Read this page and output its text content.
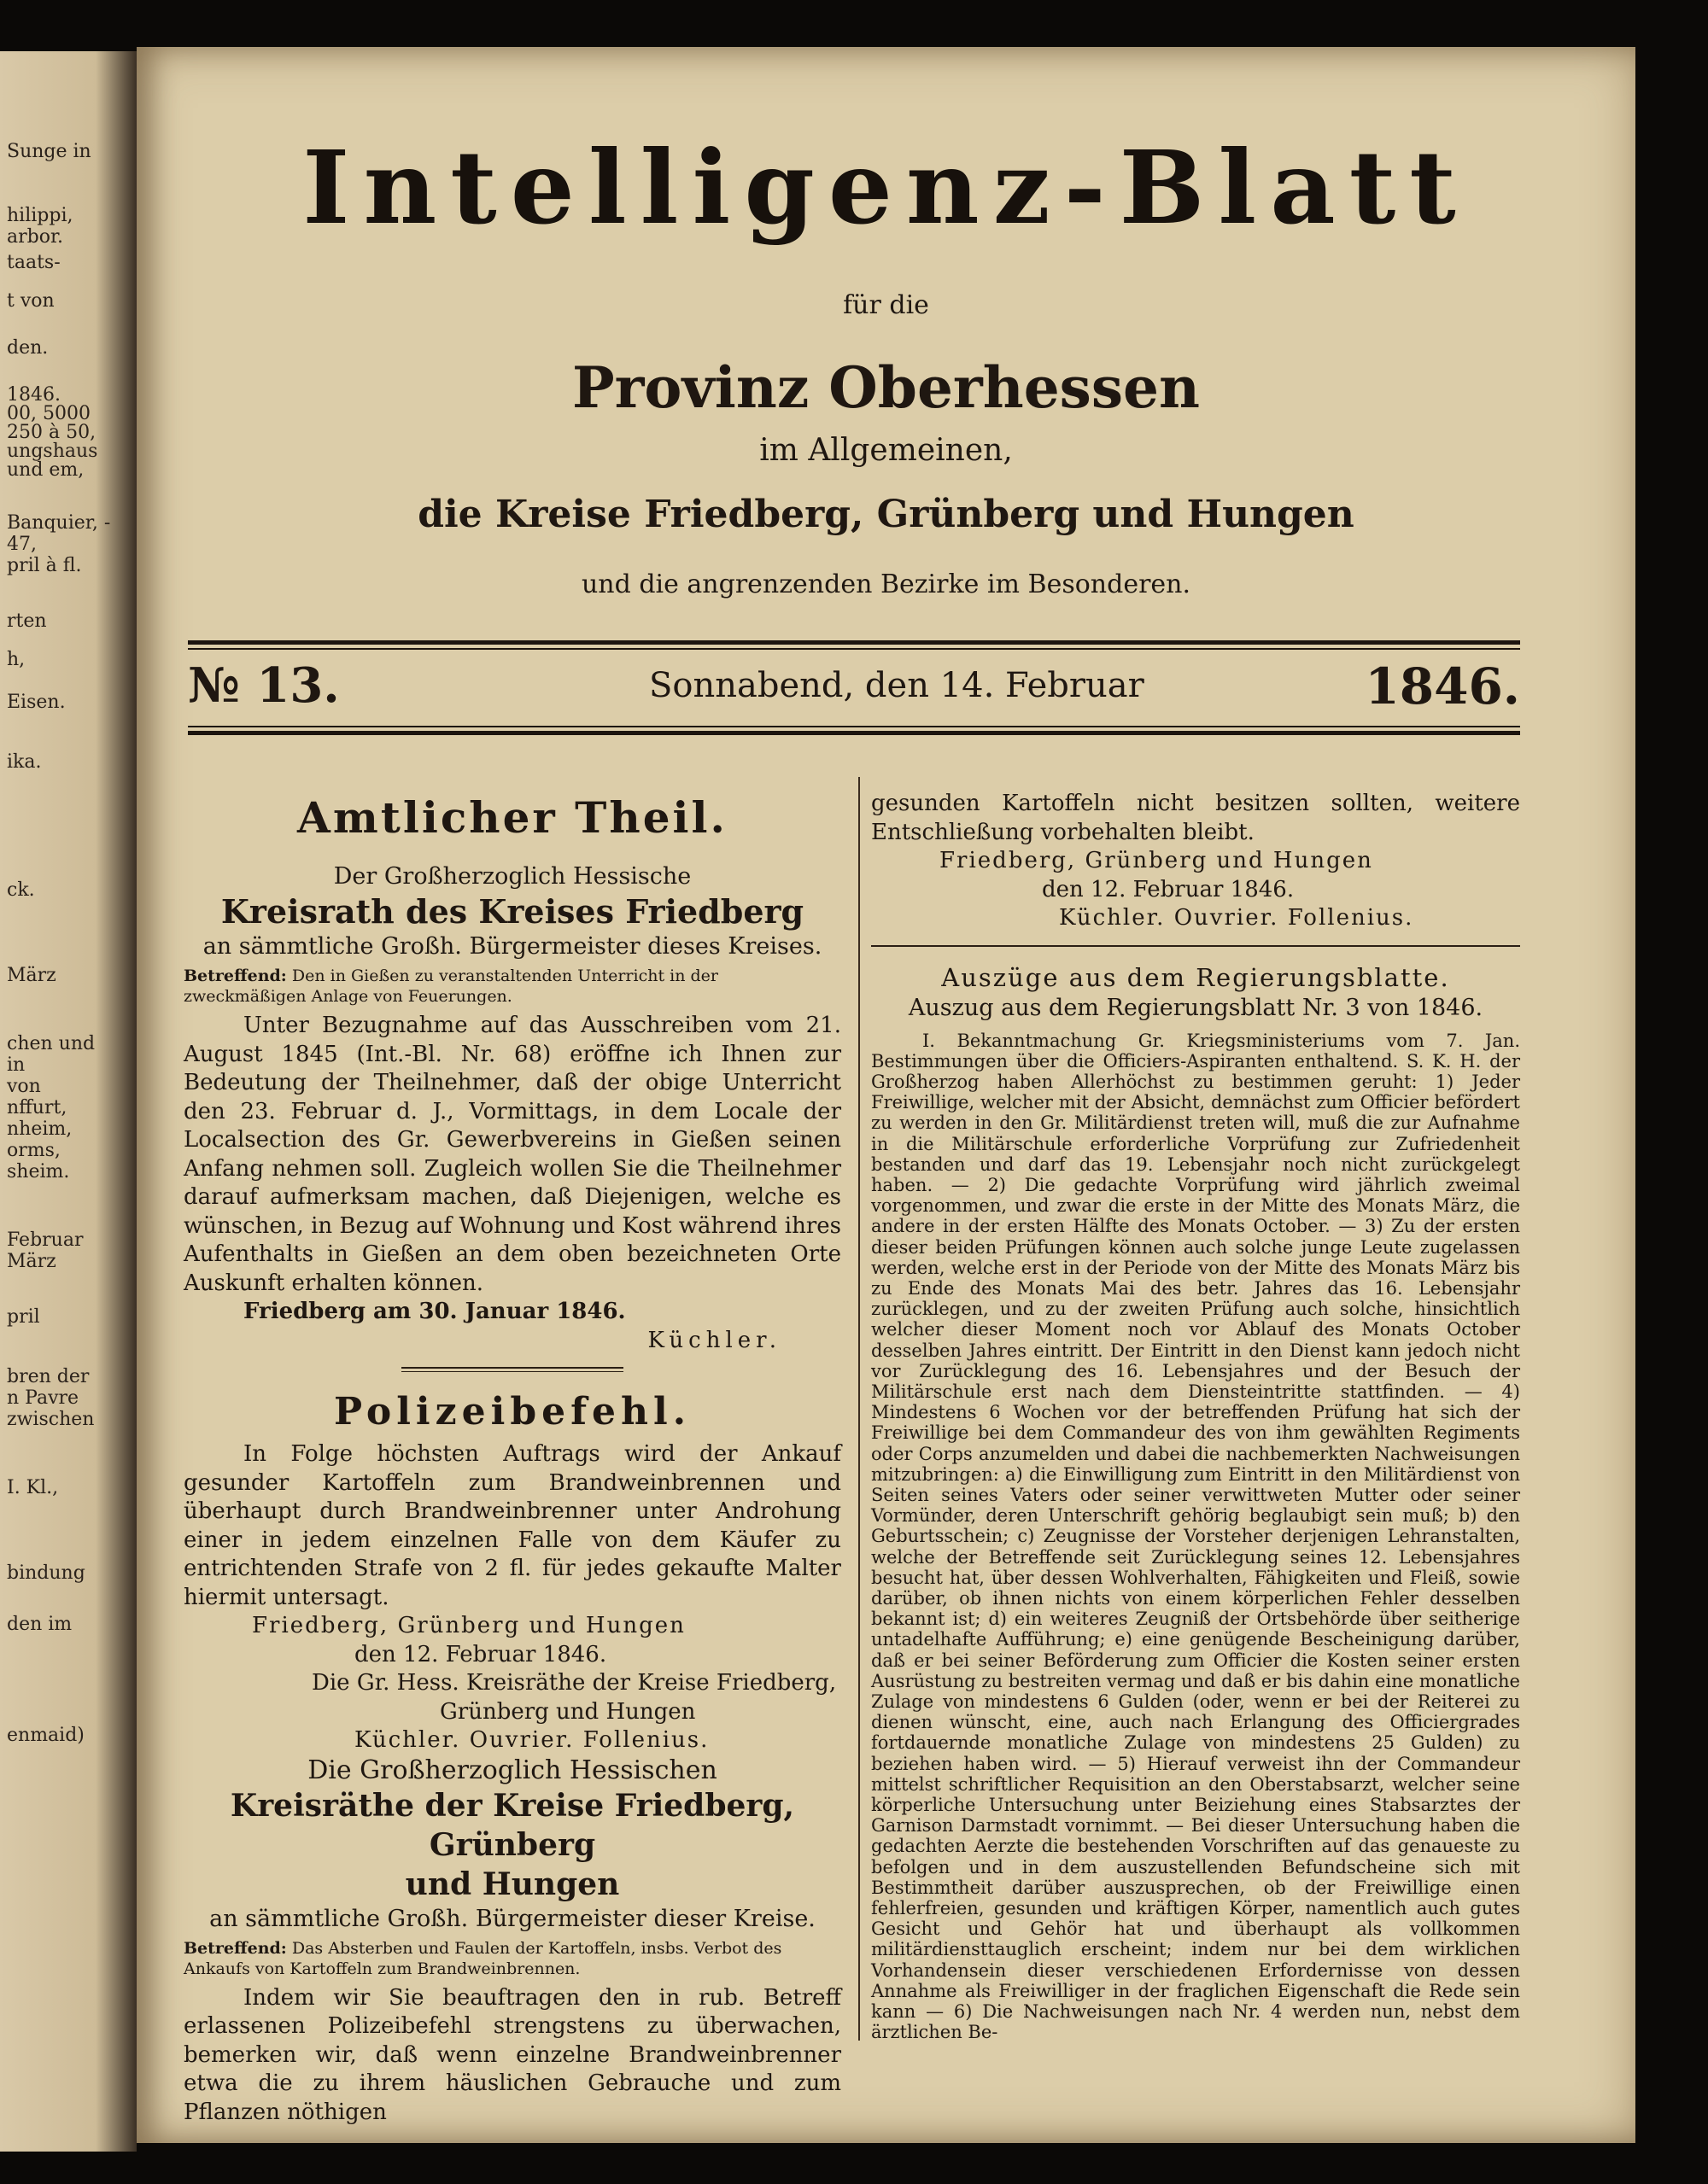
Sunge in
hilippi,
arbor.
taats-
t von
den.
1846.
00, 5000
250 à 50,
ungshaus
und em,
Banquier, -
47,
pril à fl.
rten
h,
Eisen.
ika.
ck.
März
chen und
in
von
nffurt,
nheim,
orms,
sheim.
Februar
März
pril
bren der
n Pavre
zwischen
I. Kl.,
bindung
den im
enmaid)
Intelligenz-Blatt
für die
Provinz Oberhessen
im Allgemeinen,
die Kreise Friedberg, Grünberg und Hungen
und die angrenzenden Bezirke im Besonderen.
№ 13.	Sonnabend, den 14. Februar	1846.

Amtlicher Theil.

Der Großherzoglich Hessische

Kreisrath des Kreises Friedberg

an sämmtliche Großh. Bürgermeister dieses Kreises.

Betreffend: Den in Gießen zu veranstaltenden Unterricht in der zweckmäßigen Anlage von Feuerungen.

Unter Bezugnahme auf das Ausschreiben vom 21. August 1845 (Int.-Bl. Nr. 68) eröffne ich Ihnen zur Bedeutung der Theilnehmer, daß der obige Unterricht den 23. Februar d. J., Vormittags, in dem Locale der Localsection des Gr. Gewerbvereins in Gießen seinen Anfang nehmen soll. Zugleich wollen Sie die Theilnehmer darauf aufmerksam machen, daß Diejenigen, welche es wünschen, in Bezug auf Wohnung und Kost während ihres Aufenthalts in Gießen an dem oben bezeichneten Orte Auskunft erhalten können.

Friedberg am 30. Januar 1846.

Küchler.

Polizeibefehl.

In Folge höchsten Auftrags wird der Ankauf gesunder Kartoffeln zum Brandweinbrennen und überhaupt durch Brandweinbrenner unter Androhung einer in jedem einzelnen Falle von dem Käufer zu entrichtenden Strafe von 2 fl. für jedes gekaufte Malter hiermit untersagt.

Friedberg, Grünberg und Hungen

den 12. Februar 1846.

Die Gr. Hess. Kreisräthe der Kreise Friedberg,

Grünberg und Hungen

Küchler. Ouvrier. Follenius.

Die Großherzoglich Hessischen

Kreisräthe der Kreise Friedberg, Grünberg

und Hungen

an sämmtliche Großh. Bürgermeister dieser Kreise.

Betreffend: Das Absterben und Faulen der Kartoffeln, insbs. Verbot des Ankaufs von Kartoffeln zum Brandweinbrennen.

Indem wir Sie beauftragen den in rub. Betreff erlassenen Polizeibefehl strengstens zu überwachen, bemerken wir, daß wenn einzelne Brandweinbrenner etwa die zu ihrem häuslichen Gebrauche und zum Pflanzen nöthigen

gesunden Kartoffeln nicht besitzen sollten, weitere Entschließung vorbehalten bleibt.

Friedberg, Grünberg und Hungen

den 12. Februar 1846.

Küchler. Ouvrier. Follenius.

Auszüge aus dem Regierungsblatte.

Auszug aus dem Regierungsblatt Nr. 3 von 1846.

I. Bekanntmachung Gr. Kriegsministeriums vom 7. Jan. Bestimmungen über die Officiers-Aspiranten enthaltend. S. K. H. der Großherzog haben Allerhöchst zu bestimmen geruht: 1) Jeder Freiwillige, welcher mit der Absicht, demnächst zum Officier befördert zu werden in den Gr. Militärdienst treten will, muß die zur Aufnahme in die Militärschule erforderliche Vorprüfung zur Zufriedenheit bestanden und darf das 19. Lebensjahr noch nicht zurückgelegt haben. — 2) Die gedachte Vorprüfung wird jährlich zweimal vorgenommen, und zwar die erste in der Mitte des Monats März, die andere in der ersten Hälfte des Monats October. — 3) Zu der ersten dieser beiden Prüfungen können auch solche junge Leute zugelassen werden, welche erst in der Periode von der Mitte des Monats März bis zu Ende des Monats Mai des betr. Jahres das 16. Lebensjahr zurücklegen, und zu der zweiten Prüfung auch solche, hinsichtlich welcher dieser Moment noch vor Ablauf des Monats October desselben Jahres eintritt. Der Eintritt in den Dienst kann jedoch nicht vor Zurücklegung des 16. Lebensjahres und der Besuch der Militärschule erst nach dem Diensteintritte stattfinden. — 4) Mindestens 6 Wochen vor der betreffenden Prüfung hat sich der Freiwillige bei dem Commandeur des von ihm gewählten Regiments oder Corps anzumelden und dabei die nachbemerkten Nachweisungen mitzubringen: a) die Einwilligung zum Eintritt in den Militärdienst von Seiten seines Vaters oder seiner verwittweten Mutter oder seiner Vormünder, deren Unterschrift gehörig beglaubigt sein muß; b) den Geburtsschein; c) Zeugnisse der Vorsteher derjenigen Lehranstalten, welche der Betreffende seit Zurücklegung seines 12. Lebensjahres besucht hat, über dessen Wohlverhalten, Fähigkeiten und Fleiß, sowie darüber, ob ihnen nichts von einem körperlichen Fehler desselben bekannt ist; d) ein weiteres Zeugniß der Ortsbehörde über seitherige untadelhafte Aufführung; e) eine genügende Bescheinigung darüber, daß er bei seiner Beförderung zum Officier die Kosten seiner ersten Ausrüstung zu bestreiten vermag und daß er bis dahin eine monatliche Zulage von mindestens 6 Gulden (oder, wenn er bei der Reiterei zu dienen wünscht, eine, auch nach Erlangung des Officiergrades fortdauernde monatliche Zulage von mindestens 25 Gulden) zu beziehen haben wird. — 5) Hierauf verweist ihn der Commandeur mittelst schriftlicher Requisition an den Oberstabsarzt, welcher seine körperliche Untersuchung unter Beiziehung eines Stabsarztes der Garnison Darmstadt vornimmt. — Bei dieser Untersuchung haben die gedachten Aerzte die bestehenden Vorschriften auf das genaueste zu befolgen und in dem auszustellenden Befundscheine sich mit Bestimmtheit darüber auszusprechen, ob der Freiwillige einen fehlerfreien, gesunden und kräftigen Körper, namentlich auch gutes Gesicht und Gehör hat und überhaupt als vollkommen militärdiensttauglich erscheint; indem nur bei dem wirklichen Vorhandensein dieser verschiedenen Erfordernisse von dessen Annahme als Freiwilliger in der fraglichen Eigenschaft die Rede sein kann — 6) Die Nachweisungen nach Nr. 4 werden nun, nebst dem ärztlichen Be-
